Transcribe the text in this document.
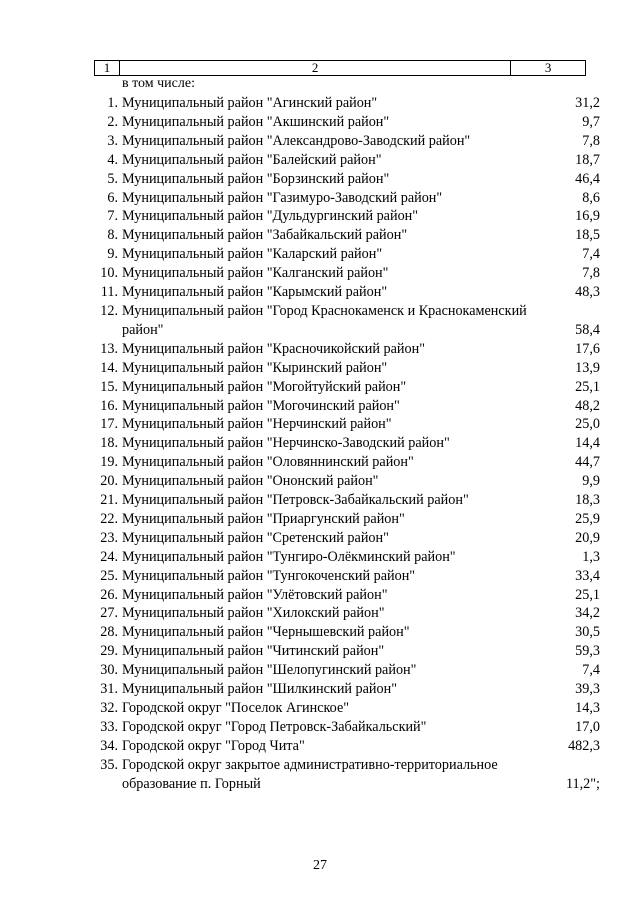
1	2	3
в том числе:
1. Муниципальный район "Агинский район"	31,2
2. Муниципальный район "Акшинский район"	9,7
3. Муниципальный район "Александрово-Заводский район"	7,8
4. Муниципальный район "Балейский район"	18,7
5. Муниципальный район "Борзинский район"	46,4
6. Муниципальный район "Газимуро-Заводский район"	8,6
7. Муниципальный район "Дульдургинский район"	16,9
8. Муниципальный район "Забайкальский район"	18,5
9. Муниципальный район "Каларский район"	7,4
10. Муниципальный район "Калганский район"	7,8
11. Муниципальный район "Карымский район"	48,3
12. Муниципальный район "Город Краснокаменск и Краснокаменский район"	58,4
13. Муниципальный район "Красночикойский район"	17,6
14. Муниципальный район "Кыринский район"	13,9
15. Муниципальный район "Могойтуйский район"	25,1
16. Муниципальный район "Могочинский район"	48,2
17. Муниципальный район "Нерчинский район"	25,0
18. Муниципальный район "Нерчинско-Заводский район"	14,4
19. Муниципальный район "Оловяннинский район"	44,7
20. Муниципальный район "Ононский район"	9,9
21. Муниципальный район "Петровск-Забайкальский район"	18,3
22. Муниципальный район "Приаргунский район"	25,9
23. Муниципальный район "Сретенский район"	20,9
24. Муниципальный район "Тунгиро-Олёкминский район"	1,3
25. Муниципальный район "Тунгокоченский район"	33,4
26. Муниципальный район "Улётовский район"	25,1
27. Муниципальный район "Хилокский район"	34,2
28. Муниципальный район "Чернышевский район"	30,5
29. Муниципальный район "Читинский район"	59,3
30. Муниципальный район "Шелопугинский район"	7,4
31. Муниципальный район "Шилкинский район"	39,3
32. Городской округ "Поселок Агинское"	14,3
33. Городской округ "Город Петровск-Забайкальский"	17,0
34. Городской округ "Город Чита"	482,3
35. Городской округ закрытое административно-территориальное образование п. Горный	11,2";
27
